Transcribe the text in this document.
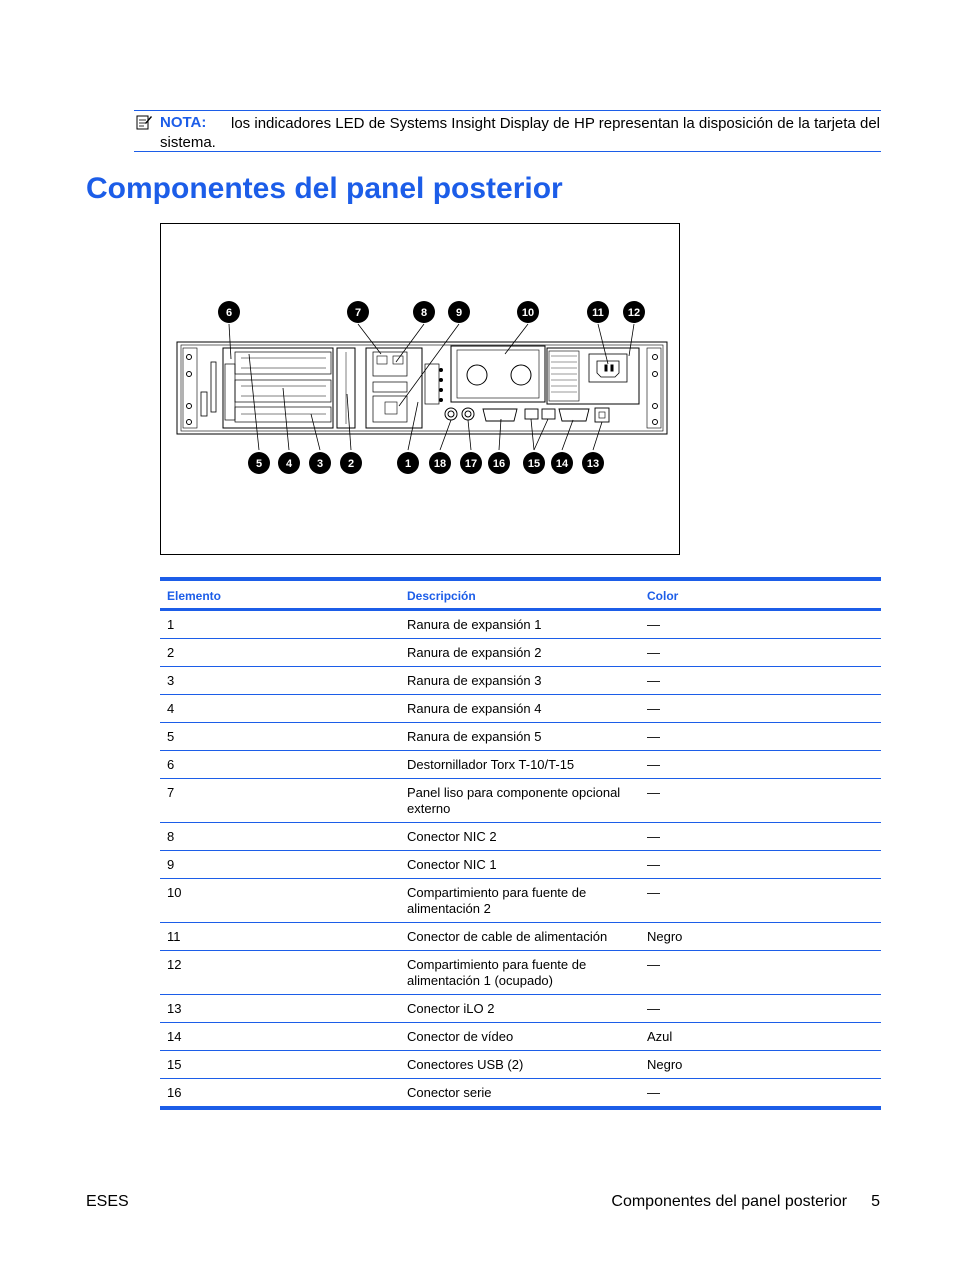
NOTA:	los indicadores LED de Systems Insight Display de HP representan la disposición de la tarjeta del sistema.
Componentes del panel posterior
6	7	8	9	10	11 12
5 4 3 2	1 18 17 16 15 14 13
Elemento	Descripción	Color
1	Ranura de expansión 1	—
2	Ranura de expansión 2	—
3	Ranura de expansión 3	—
4	Ranura de expansión 4	—
5	Ranura de expansión 5	—
6	Destornillador Torx T-10/T-15	—
7	Panel liso para componente opcional externo	—
8	Conector NIC 2	—
9	Conector NIC 1	—
10	Compartimiento para fuente de alimentación 2	—
11	Conector de cable de alimentación	Negro
12	Compartimiento para fuente de alimentación 1 (ocupado)	—
13	Conector iLO 2	—
14	Conector de vídeo	Azul
15	Conectores USB (2)	Negro
16	Conector serie	—
ESES	Componentes del panel posterior 5
